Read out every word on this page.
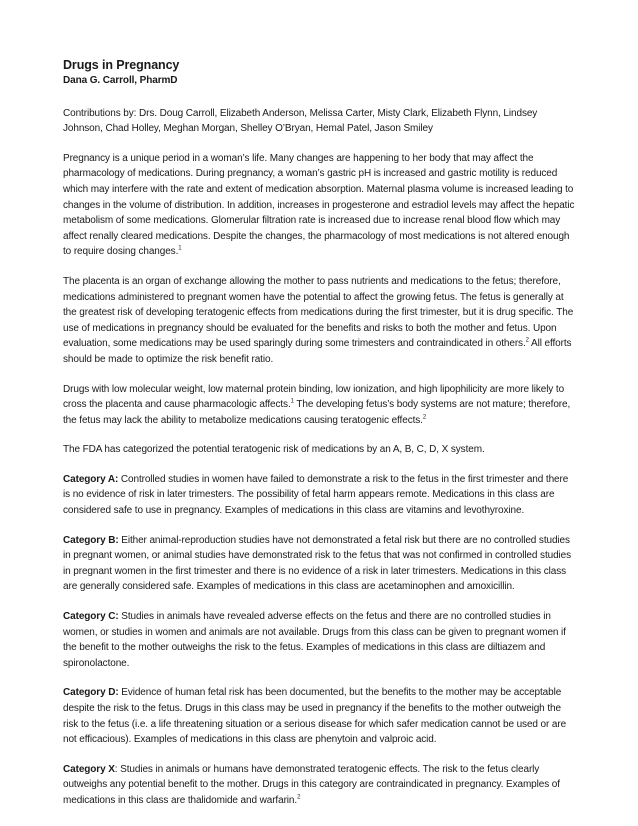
Drugs in Pregnancy
Dana G. Carroll, PharmD

Contributions by: Drs. Doug Carroll, Elizabeth Anderson, Melissa Carter, Misty Clark, Elizabeth Flynn, Lindsey Johnson, Chad Holley, Meghan Morgan, Shelley O’Bryan, Hemal Patel, Jason Smiley

Pregnancy is a unique period in a woman’s life. Many changes are happening to her body that may affect the pharmacology of medications. During pregnancy, a woman’s gastric pH is increased and gastric motility is reduced which may interfere with the rate and extent of medication absorption. Maternal plasma volume is increased leading to changes in the volume of distribution. In addition, increases in progesterone and estradiol levels may affect the hepatic metabolism of some medications. Glomerular filtration rate is increased due to increase renal blood flow which may affect renally cleared medications. Despite the changes, the pharmacology of most medications is not altered enough to require dosing changes.$^1$

The placenta is an organ of exchange allowing the mother to pass nutrients and medications to the fetus; therefore, medications administered to pregnant women have the potential to affect the growing fetus. The fetus is generally at the greatest risk of developing teratogenic effects from medications during the first trimester, but it is drug specific. The use of medications in pregnancy should be evaluated for the benefits and risks to both the mother and fetus. Upon evaluation, some medications may be used sparingly during some trimesters and contraindicated in others.$^2$ All efforts should be made to optimize the risk benefit ratio.

Drugs with low molecular weight, low maternal protein binding, low ionization, and high lipophilicity are more likely to cross the placenta and cause pharmacologic affects.$^1$ The developing fetus’s body systems are not mature; therefore, the fetus may lack the ability to metabolize medications causing teratogenic effects.$^2$

The FDA has categorized the potential teratogenic risk of medications by an A, B, C, D, X system.

Category A: Controlled studies in women have failed to demonstrate a risk to the fetus in the first trimester and there is no evidence of risk in later trimesters. The possibility of fetal harm appears remote. Medications in this class are considered safe to use in pregnancy. Examples of medications in this class are vitamins and levothyroxine.

Category B: Either animal-reproduction studies have not demonstrated a fetal risk but there are no controlled studies in pregnant women, or animal studies have demonstrated risk to the fetus that was not confirmed in controlled studies in pregnant women in the first trimester and there is no evidence of a risk in later trimesters. Medications in this class are generally considered safe. Examples of medications in this class are acetaminophen and amoxicillin.

Category C: Studies in animals have revealed adverse effects on the fetus and there are no controlled studies in women, or studies in women and animals are not available. Drugs from this class can be given to pregnant women if the benefit to the mother outweighs the risk to the fetus. Examples of medications in this class are diltiazem and spironolactone.

Category D: Evidence of human fetal risk has been documented, but the benefits to the mother may be acceptable despite the risk to the fetus. Drugs in this class may be used in pregnancy if the benefits to the mother outweigh the risk to the fetus (i.e. a life threatening situation or a serious disease for which safer medication cannot be used or are not efficacious). Examples of medications in this class are phenytoin and valproic acid.

Category X: Studies in animals or humans have demonstrated teratogenic effects. The risk to the fetus clearly outweighs any potential benefit to the mother. Drugs in this category are contraindicated in pregnancy. Examples of medications in this class are thalidomide and warfarin.$^2$
